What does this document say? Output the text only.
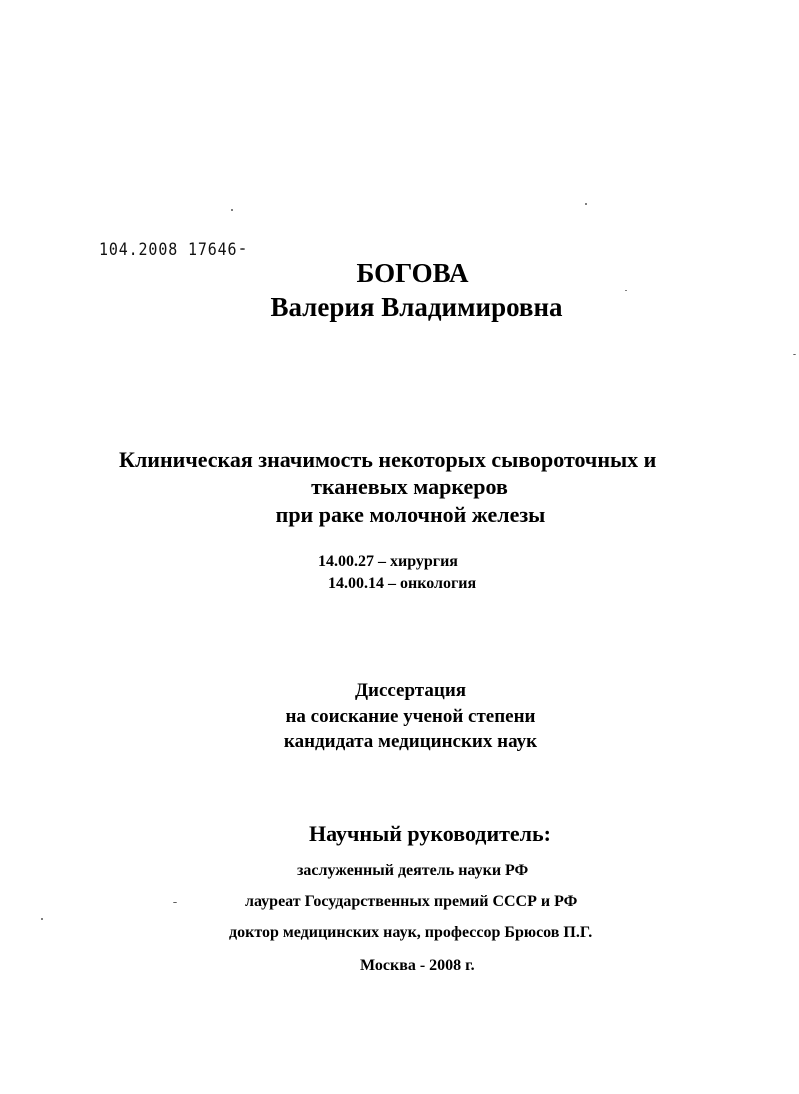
104.2008 17646
БОГОВА
Валерия Владимировна
Клиническая значимость некоторых сывороточных и
тканевых маркеров
при раке молочной железы
14.00.27 – хирургия
14.00.14 – онкология
Диссертация
на соискание ученой степени
кандидата медицинских наук
Научный руководитель:
заслуженный деятель науки РФ
лауреат Государственных премий СССР и РФ
доктор медицинских наук, профессор Брюсов П.Г.
Москва - 2008 г.
